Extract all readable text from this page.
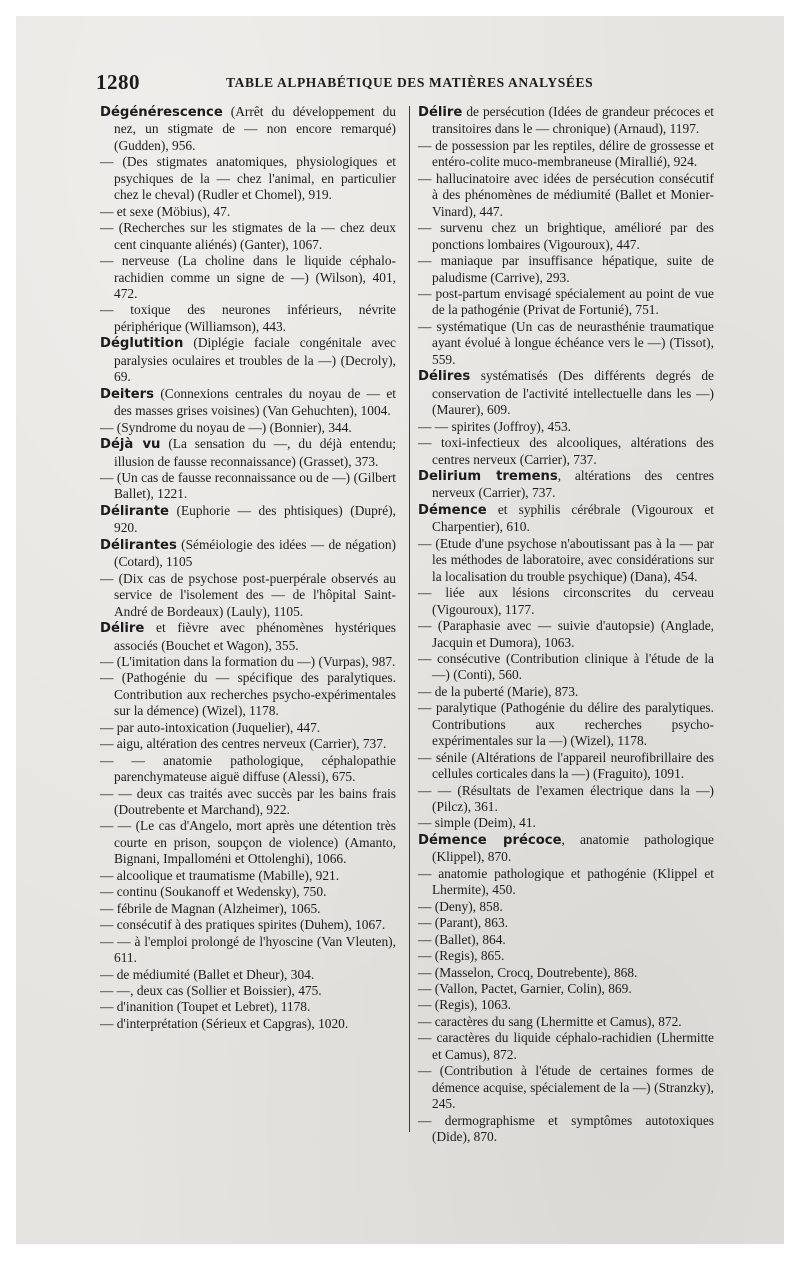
1280	TABLE ALPHABÉTIQUE DES MATIÈRES ANALYSÉES

Dégénérescence (Arrêt du développement du nez, un stigmate de — non encore remarqué) (Gudden), 956.

— (Des stigmates anatomiques, physiologiques et psychiques de la — chez l'animal, en particulier chez le cheval) (Rudler et Chomel), 919.

— et sexe (Möbius), 47.

— (Recherches sur les stigmates de la — chez deux cent cinquante aliénés) (Ganter), 1067.

— nerveuse (La choline dans le liquide céphalo-rachidien comme un signe de —) (Wilson), 401, 472.

— toxique des neurones inférieurs, névrite périphérique (Williamson), 443.

Déglutition (Diplégie faciale congénitale avec paralysies oculaires et troubles de la —) (Decroly), 69.

Deiters (Connexions centrales du noyau de — et des masses grises voisines) (Van Gehuchten), 1004.

— (Syndrome du noyau de —) (Bonnier), 344.

Déjà vu (La sensation du —, du déjà entendu; illusion de fausse reconnaissance) (Grasset), 373.

— (Un cas de fausse reconnaissance ou de —) (Gilbert Ballet), 1221.

Délirante (Euphorie — des phtisiques) (Dupré), 920.

Délirantes (Séméiologie des idées — de négation) (Cotard), 1105

— (Dix cas de psychose post-puerpérale observés au service de l'isolement des — de l'hôpital Saint-André de Bordeaux) (Lauly), 1105.

Délire et fièvre avec phénomènes hystériques associés (Bouchet et Wagon), 355.

— (L'imitation dans la formation du —) (Vurpas), 987.

— (Pathogénie du — spécifique des paralytiques. Contribution aux recherches psycho-expérimentales sur la démence) (Wizel), 1178.

— par auto-intoxication (Juquelier), 447.

— aigu, altération des centres nerveux (Carrier), 737.

— — anatomie pathologique, céphalopathie parenchymateuse aiguë diffuse (Alessi), 675.

— — deux cas traités avec succès par les bains frais (Doutrebente et Marchand), 922.

— — (Le cas d'Angelo, mort après une détention très courte en prison, soupçon de violence) (Amanto, Bignani, Impalloméni et Ottolenghi), 1066.

— alcoolique et traumatisme (Mabille), 921.

— continu (Soukanoff et Wedensky), 750.

— fébrile de Magnan (Alzheimer), 1065.

— consécutif à des pratiques spirites (Duhem), 1067.

— — à l'emploi prolongé de l'hyoscine (Van Vleuten), 611.

— de médiumité (Ballet et Dheur), 304.

— —, deux cas (Sollier et Boissier), 475.

— d'inanition (Toupet et Lebret), 1178.

— d'interprétation (Sérieux et Capgras), 1020.

Délire de persécution (Idées de grandeur précoces et transitoires dans le — chronique) (Arnaud), 1197.

— de possession par les reptiles, délire de grossesse et entéro-colite muco-membraneuse (Mirallié), 924.

— hallucinatoire avec idées de persécution consécutif à des phénomènes de médiumité (Ballet et Monier-Vinard), 447.

— survenu chez un brightique, amélioré par des ponctions lombaires (Vigouroux), 447.

— maniaque par insuffisance hépatique, suite de paludisme (Carrive), 293.

— post-partum envisagé spécialement au point de vue de la pathogénie (Privat de Fortunié), 751.

— systématique (Un cas de neurasthénie traumatique ayant évolué à longue échéance vers le —) (Tissot), 559.

Délires systématisés (Des différents degrés de conservation de l'activité intellectuelle dans les —) (Maurer), 609.

— — spirites (Joffroy), 453.

— toxi-infectieux des alcooliques, altérations des centres nerveux (Carrier), 737.

Delirium tremens, altérations des centres nerveux (Carrier), 737.

Démence et syphilis cérébrale (Vigouroux et Charpentier), 610.

— (Etude d'une psychose n'aboutissant pas à la — par les méthodes de laboratoire, avec considérations sur la localisation du trouble psychique) (Dana), 454.

— liée aux lésions circonscrites du cerveau (Vigouroux), 1177.

— (Paraphasie avec — suivie d'autopsie) (Anglade, Jacquin et Dumora), 1063.

— consécutive (Contribution clinique à l'étude de la —) (Conti), 560.

— de la puberté (Marie), 873.

— paralytique (Pathogénie du délire des paralytiques. Contributions aux recherches psycho-expérimentales sur la —) (Wizel), 1178.

— sénile (Altérations de l'appareil neurofibrillaire des cellules corticales dans la —) (Fraguito), 1091.

— — (Résultats de l'examen électrique dans la —) (Pilcz), 361.

— simple (Deim), 41.

Démence précoce, anatomie pathologique (Klippel), 870.

— anatomie pathologique et pathogénie (Klippel et Lhermite), 450.

— (Deny), 858.

— (Parant), 863.

— (Ballet), 864.

— (Regis), 865.

— (Masselon, Crocq, Doutrebente), 868.

— (Vallon, Pactet, Garnier, Colin), 869.

— (Regis), 1063.

— caractères du sang (Lhermitte et Camus), 872.

— caractères du liquide céphalo-rachidien (Lhermitte et Camus), 872.

— (Contribution à l'étude de certaines formes de démence acquise, spécialement de la —) (Stranzky), 245.

— dermographisme et symptômes autotoxiques (Dide), 870.
